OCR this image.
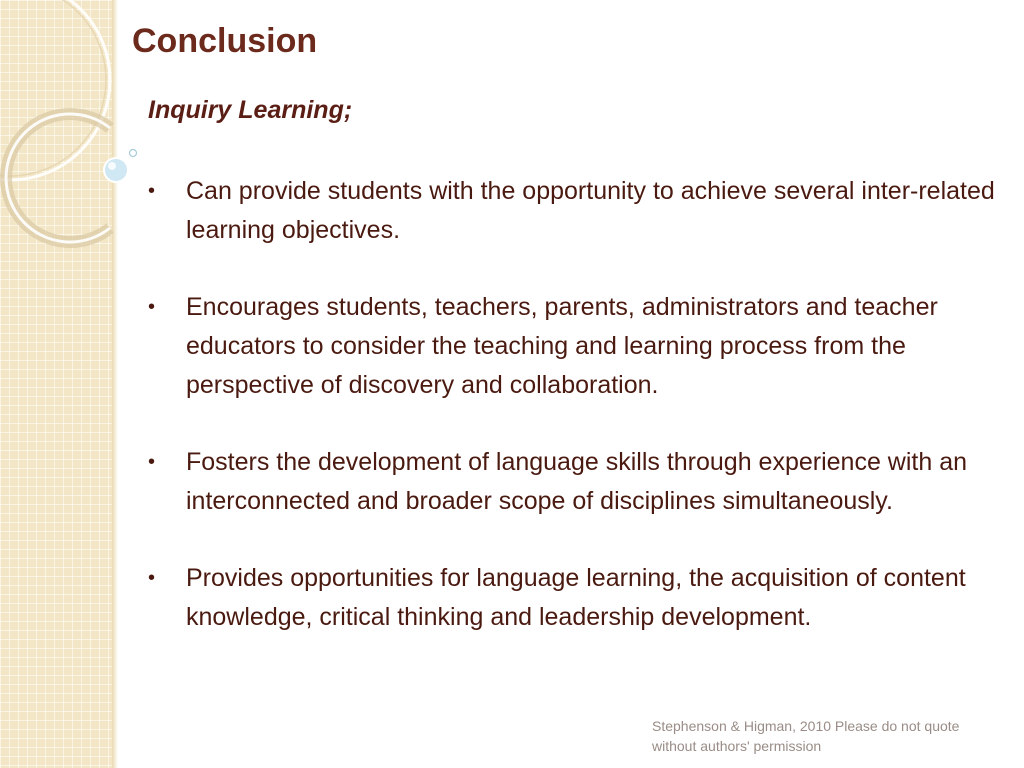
Conclusion
Inquiry Learning;
• Can provide students with the opportunity to achieve several inter-related learning objectives.
• Encourages students, teachers, parents, administrators and teacher educators to consider the teaching and learning process from the perspective of discovery and collaboration.
• Fosters the development of language skills through experience with an interconnected and broader scope of disciplines simultaneously.
• Provides opportunities for language learning, the acquisition of content knowledge, critical thinking and leadership development.

Stephenson & Higman, 2010 Please do not quote without authors' permission
